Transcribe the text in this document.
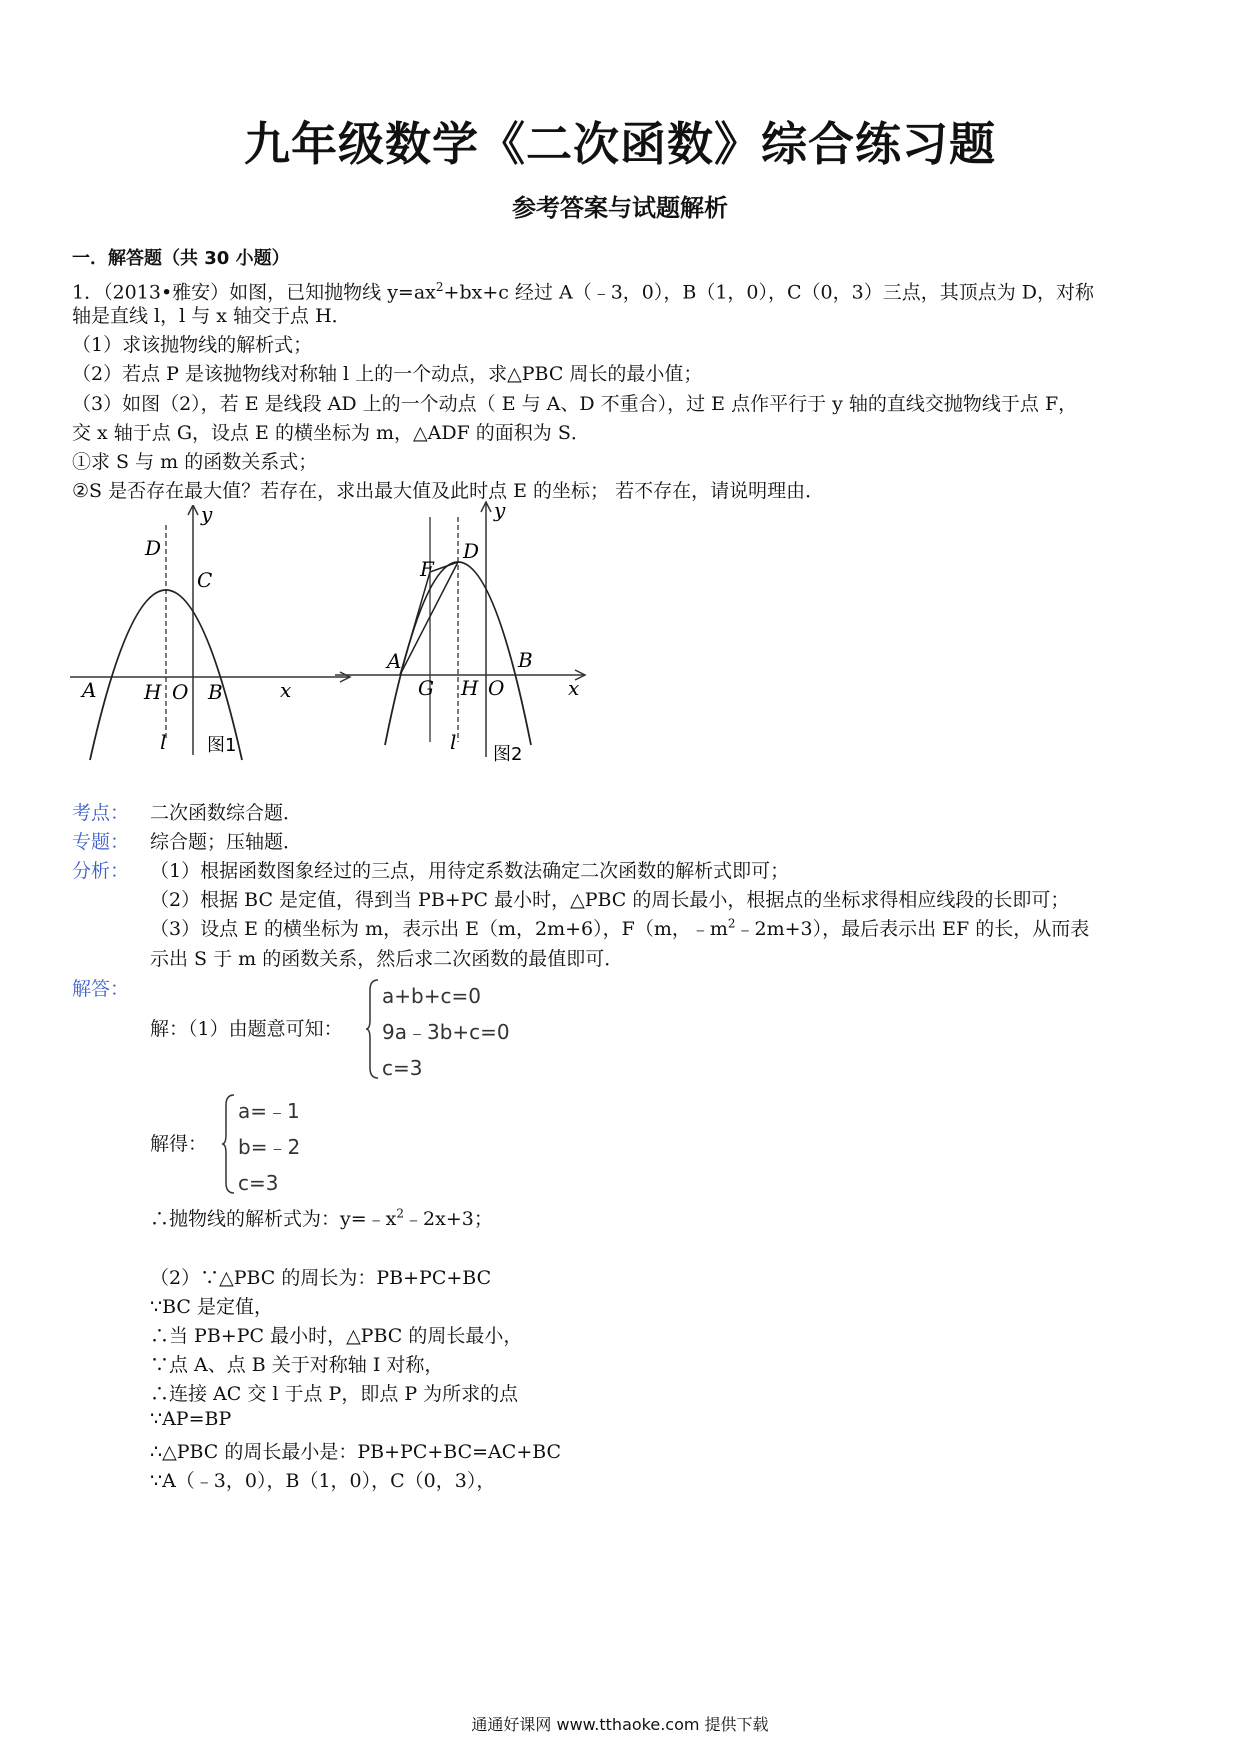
九年级数学《二次函数》综合练习题
参考答案与试题解析
一．解答题（共 30 小题）
1．（2013•雅安）如图，已知抛物线 $y=ax^2+bx+c$ 经过 A（﹣3，0），B（1，0），C（0，3）三点，其顶点为 D，对称
轴是直线 l，l 与 x 轴交于点 H．
（1）求该抛物线的解析式；
（2）若点 P 是该抛物线对称轴 l 上的一个动点，求△PBC 周长的最小值；
（3）如图（2），若 E 是线段 AD 上的一个动点（ E 与 A、D 不重合），过 E 点作平行于 y 轴的直线交抛物线于点 F，
交 x 轴于点 G，设点 E 的横坐标为 m，△ADF 的面积为 S．
①求 S 与 m 的函数关系式；
②S 是否存在最大值？若存在，求出最大值及此时点 E 的坐标； 若不存在，请说明理由．
y
D
C
A H O B	x
l 图1
y
D
F
A	B
G H O	x
l
图2
考点： 二次函数综合题．
专题： 综合题；压轴题．
分析： （1）根据函数图象经过的三点，用待定系数法确定二次函数的解析式即可；
（2）根据 BC 是定值，得到当 PB+PC 最小时，△PBC 的周长最小，根据点的坐标求得相应线段的长即可；
（3）设点 E 的横坐标为 m，表示出 E（m，2m+6），F（m，$﹣m^2﹣2m+3$），最后表示出 EF 的长，从而表
示出 S 于 m 的函数关系，然后求二次函数的最值即可．
解答：
解：（1）由题意可知：
a+b+c=0
9a﹣3b+c=0
c=3
解得：
a=﹣1
b=﹣2
c=3
∴抛物线的解析式为：$y=﹣x^2﹣2x+3$；
（2）∵△PBC 的周长为：PB+PC+BC
∵BC 是定值，
∴当 PB+PC 最小时，△PBC 的周长最小，
∵点 A、点 B 关于对称轴 I 对称，
∴连接 AC 交 l 于点 P，即点 P 为所求的点
∵AP=BP
∴△PBC 的周长最小是：PB+PC+BC=AC+BC
∵A（﹣3，0），B（1，0），C（0，3），
通通好课网 www.tthaoke.com 提供下载
